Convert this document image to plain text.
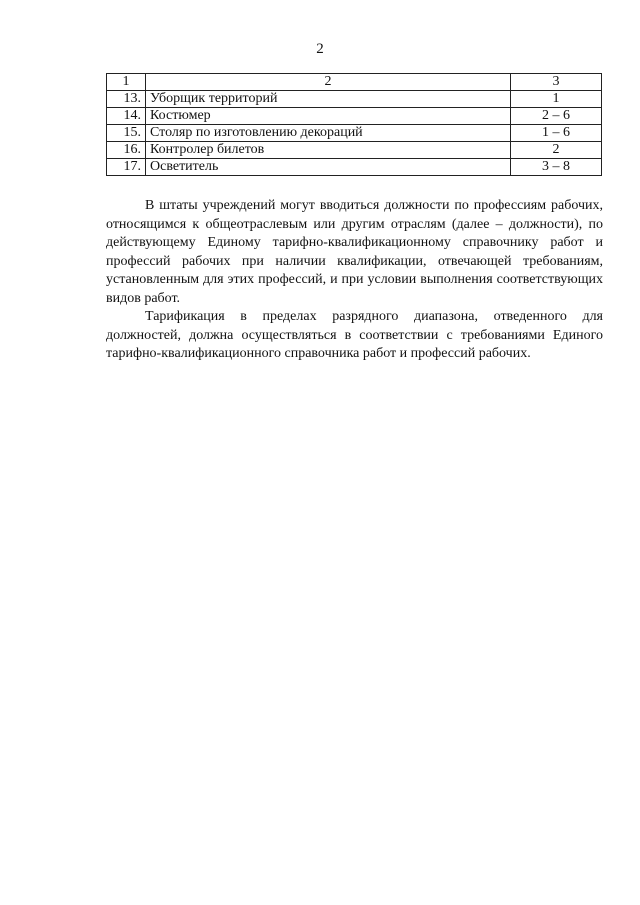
2
1	2	3
13.	Уборщик территорий	1
14.	Костюмер	2 – 6
15.	Столяр по изготовлению декораций	1 – 6
16.	Контролер билетов	2
17.	Осветитель	3 – 8

В штаты учреждений могут вводиться должности по профессиям рабочих, относящимся к общеотраслевым или другим отраслям (далее – должности), по действующему Единому тарифно-квалификационному справочнику работ и профессий рабочих при наличии квалификации, отвечающей требованиям, установленным для этих профессий, и при условии выполнения соответствующих видов работ.

Тарификация в пределах разрядного диапазона, отведенного для должностей, должна осуществляться в соответствии с требованиями Единого тарифно-квалификационного справочника работ и профессий рабочих.
